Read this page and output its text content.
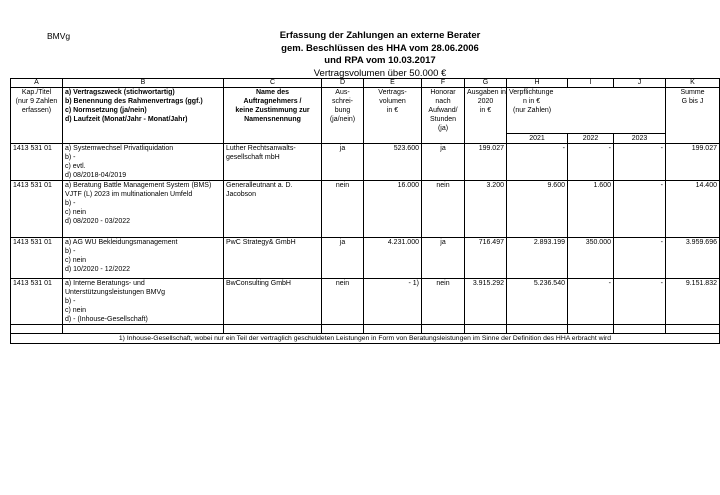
BMVg	Erfassung der Zahlungen an externe Berater
gem. Beschlüssen des HHA vom 28.06.2006
und RPA vom 10.03.2017
Vertragsvolumen über 50.000 €
A	B	C	D	E	F	G	H	I	J	K

Kap./Titel
(nur 9 Zahlen
erfassen)	a) Vertragszweck (stichwortartig)
b) Benennung des Rahmenvertrags (ggf.)
c) Normsetzung (ja/nein)
d) Laufzeit (Monat/Jahr - Monat/Jahr)	Name des
Auftragnehmers /
keine Zustimmung zur
Namensnennung	Aus-
schrei-
bung
(ja/nein)	Vertrags-
volumen
in €	Honorar
nach
Aufwand/
Stunden
(ja)	Ausgaben in
2020
in €	Verpflichtunge
n in €
(nur Zahlen)			Summe
G bis J

							2021	2022	2023	
1413 531 01	a) Systemwechsel Privatliquidation
b) -
c) evtl.
d) 08/2018-04/2019	Luther Rechtsanwalts-
gesellschaft mbH	ja	523.600	ja	199.027	-	-	-	199.027
1413 531 01	a) Beratung Battle Management System (BMS)
VJTF (L) 2023 im multinationalen Umfeld
b) -
c) nein
d) 08/2020 - 03/2022	Generalleutnant a. D.
Jacobson	nein	16.000	nein	3.200	9.600	1.600	-	14.400
1413 531 01	a) AG WU Bekleidungsmanagement
b) -
c) nein
d) 10/2020 - 12/2022	PwC Strategy& GmbH	ja	4.231.000	ja	716.497	2.893.199	350.000	-	3.959.696
1413 531 01	a) Interne Beratungs- und
Unterstützungsleistungen BMVg
b) -
c) nein
d) - (Inhouse-Gesellschaft)	BwConsulting GmbH	nein	- 1)	nein	3.915.292	5.236.540	-	-	9.151.832

1) Inhouse-Gesellschaft, wobei nur ein Teil der vertraglich geschuldeten Leistungen in Form von Beratungsleistungen im Sinne der Definition des HHA erbracht wird										
